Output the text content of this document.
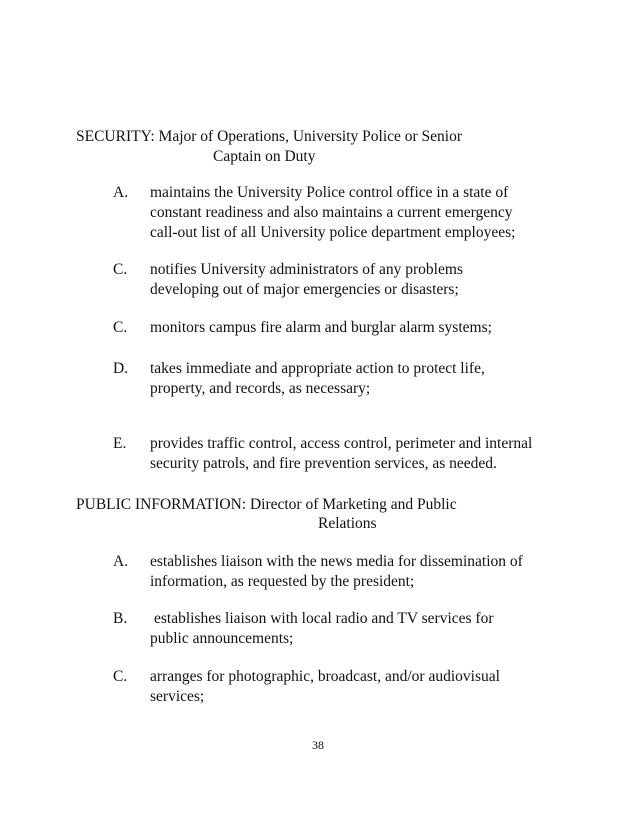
SECURITY: Major of Operations, University Police or Senior
Captain on Duty
A. maintains the University Police control office in a state of
constant readiness and also maintains a current emergency
call-out list of all University police department employees;
C. notifies University administrators of any problems
developing out of major emergencies or disasters;
C. monitors campus fire alarm and burglar alarm systems;
D. takes immediate and appropriate action to protect life,
property, and records, as necessary;
E. provides traffic control, access control, perimeter and internal
security patrols, and fire prevention services, as needed.
PUBLIC INFORMATION: Director of Marketing and Public
Relations
A. establishes liaison with the news media for dissemination of
information, as requested by the president;
B. establishes liaison with local radio and TV services for
public announcements;
C. arranges for photographic, broadcast, and/or audiovisual
services;
38
